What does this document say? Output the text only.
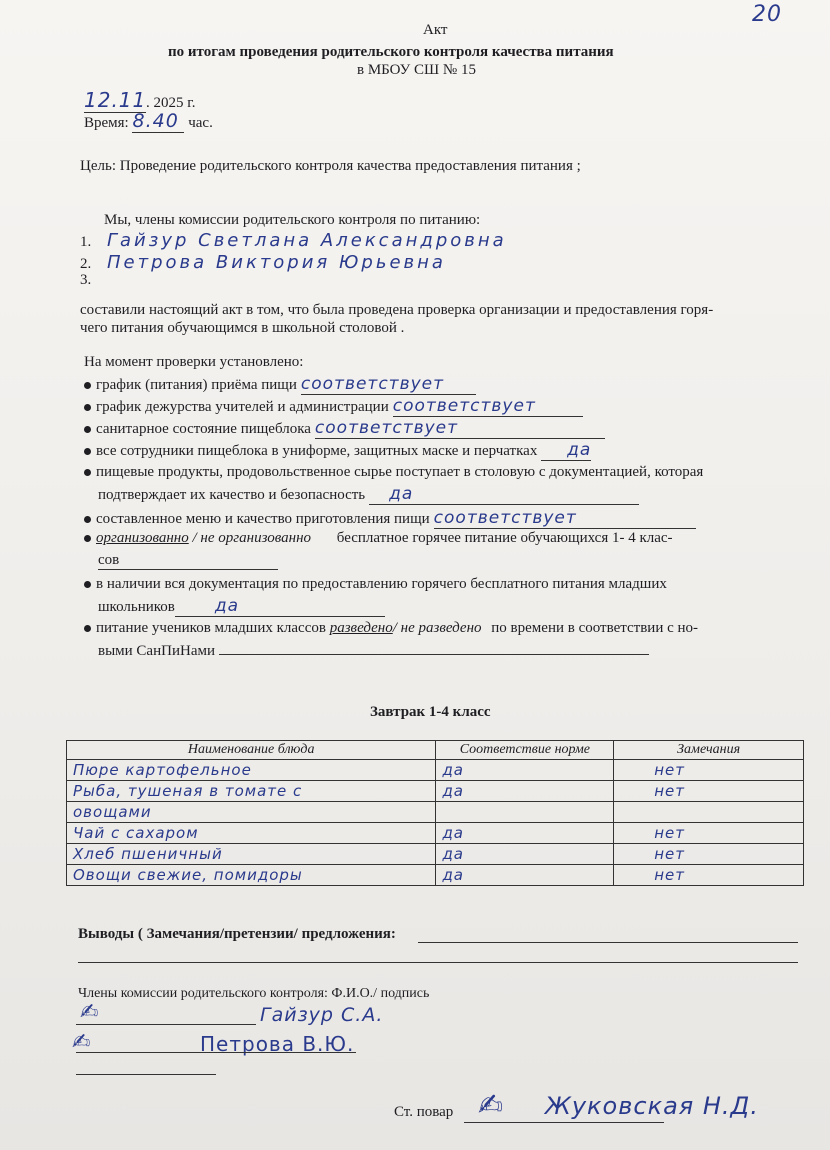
20
Акт
по итогам проведения родительского контроля качества питания
в МБОУ СШ № 15
12.11. 2025 г.
Время: 8.40 час.
Цель: Проведение родительского контроля качества предоставления питания ;
Мы, члены комиссии родительского контроля по питанию:
1. Гайзур Светлана Александровна
2. Петрова Виктория Юрьевна
3.
составили настоящий акт в том, что была проведена проверка организации и предоставления горя-
чего питания обучающимся в школьной столовой .
На момент проверки установлено:
график (питания) приёма пищи соответствует
график дежурства учителей и администрации соответствует
санитарное состояние пищеблока соответствует
все сотрудники пищеблока в униформе, защитных маске и перчатках да
пищевые продукты, продовольственное сырье поступает в столовую с документацией, которая
подтверждает их качество и безопасность да
составленное меню и качество приготовления пищи соответствует
организованно / не организованно бесплатное горячее питание обучающихся 1- 4 клас-
сов
в наличии вся документация по предоставлению горячего бесплатного питания младших
школьников да
питание учеников младших классов разведено/ не разведено по времени в соответствии с но-
выми СанПиНами
Завтрак 1-4 класс
Наименование блюда	Соответствие норме	Замечания
Пюре картофельное	да	нет
Рыба, тушеная в томате с	да	нет
овощами		
Чай с сахаром	да	нет
Хлеб пшеничный	да	нет
Овощи свежие, помидоры	да	нет
Выводы ( Замечания/претензии/ предложения:
Члены комиссии родительского контроля: Ф.И.О./ подпись
Гайзур С.А.
✍
Петрова В.Ю.
✍
Ст. повар ✍ Жуковская Н.Д.
